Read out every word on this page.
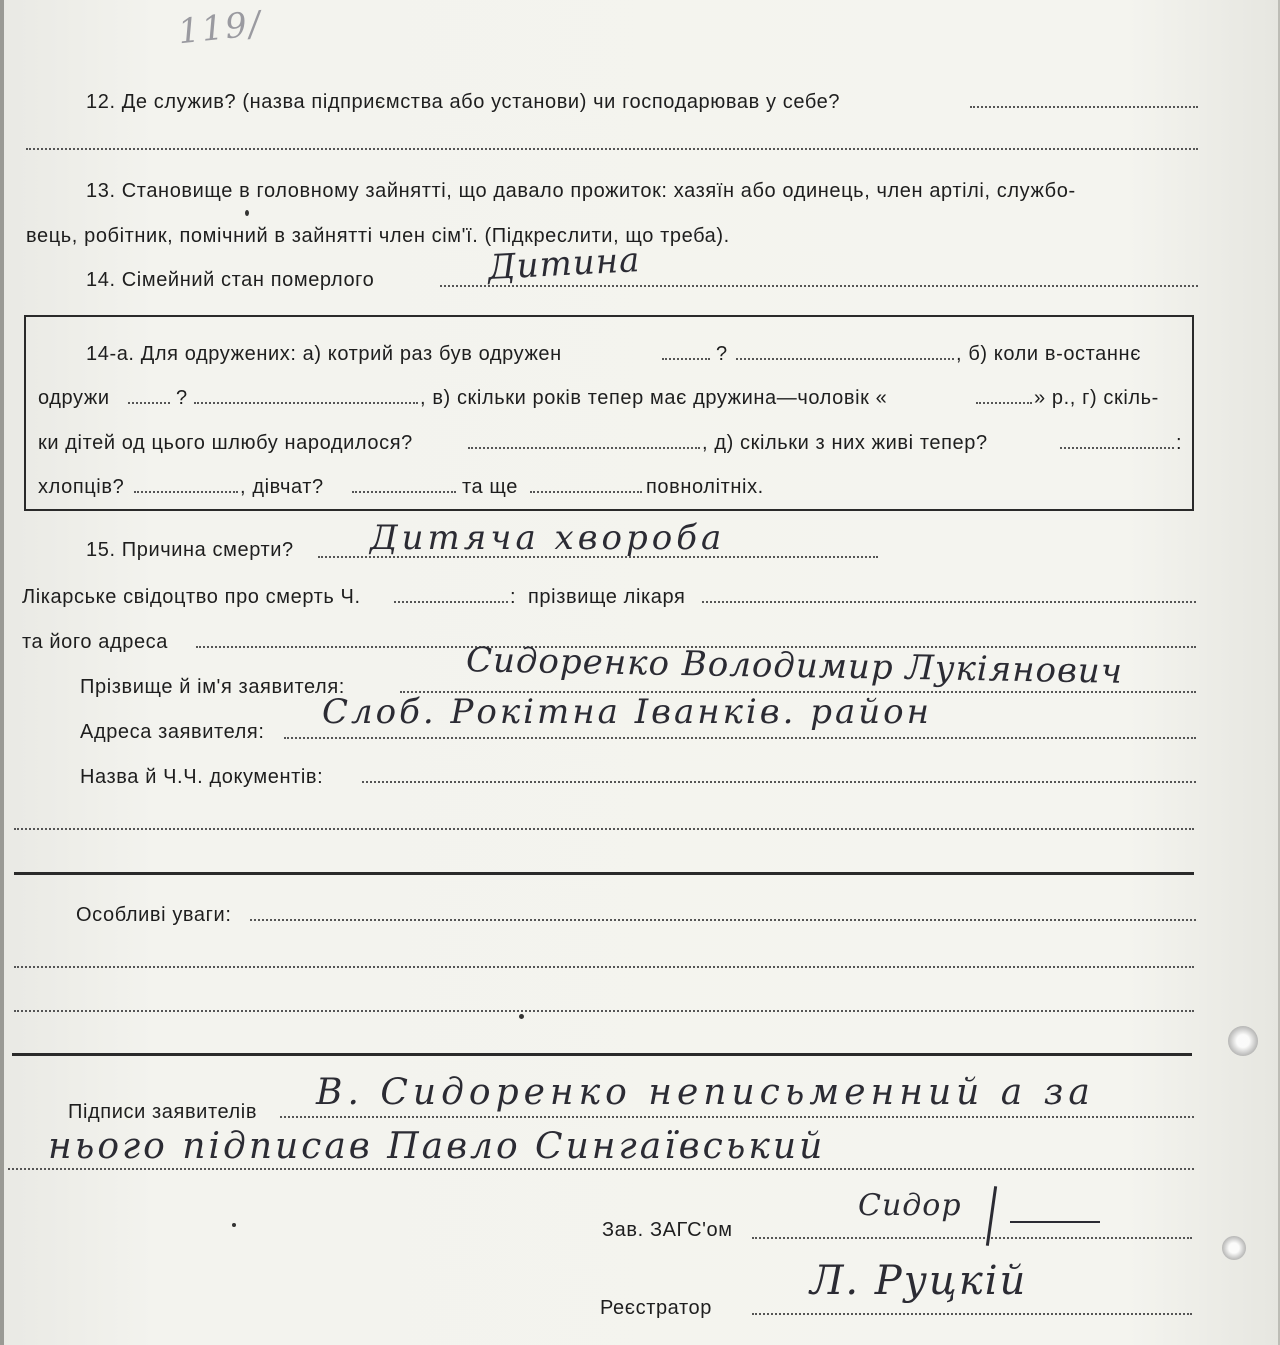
119/
12. Де служив? (назва підприємства або установи) чи господарював у себе?
13. Становище в головному зайнятті, що давало прожиток: хазяїн або одинець, член артілі, службо-
вець, робітник, помічний в зайнятті член сім'ї. (Підкреслити, що треба).
14. Сімейний стан померлого	Дитина
14-а. Для одружених: а) котрий раз був одружен	?	, б) коли в-останнє
одружи	?	, в) скільки років тепер має дружина—чоловік «	» р., г) скіль-
ки дітей од цього шлюбу народилося?	, д) скільки з них живі тепер?	:
хлопців?	, дівчат?	та ще	повнолітніх.
15. Причина смерти? Дитяча хвороба
Лікарське свідоцтво про смерть Ч.	: прізвище лікаря
та його адреса
Прізвище й ім'я заявителя:	Сидоренко Володимир Лукіянович
Адреса заявителя: Слоб. Рокітна Іванків. район
Назва й Ч.Ч. документів:
Особливі уваги:
Підписи заявителів В. Сидоренко неписьменний а за
нього підписав Павло Сингаївський
Зав. ЗАГС'ом
Сидор
Реєстратор
Л. Руцкій
